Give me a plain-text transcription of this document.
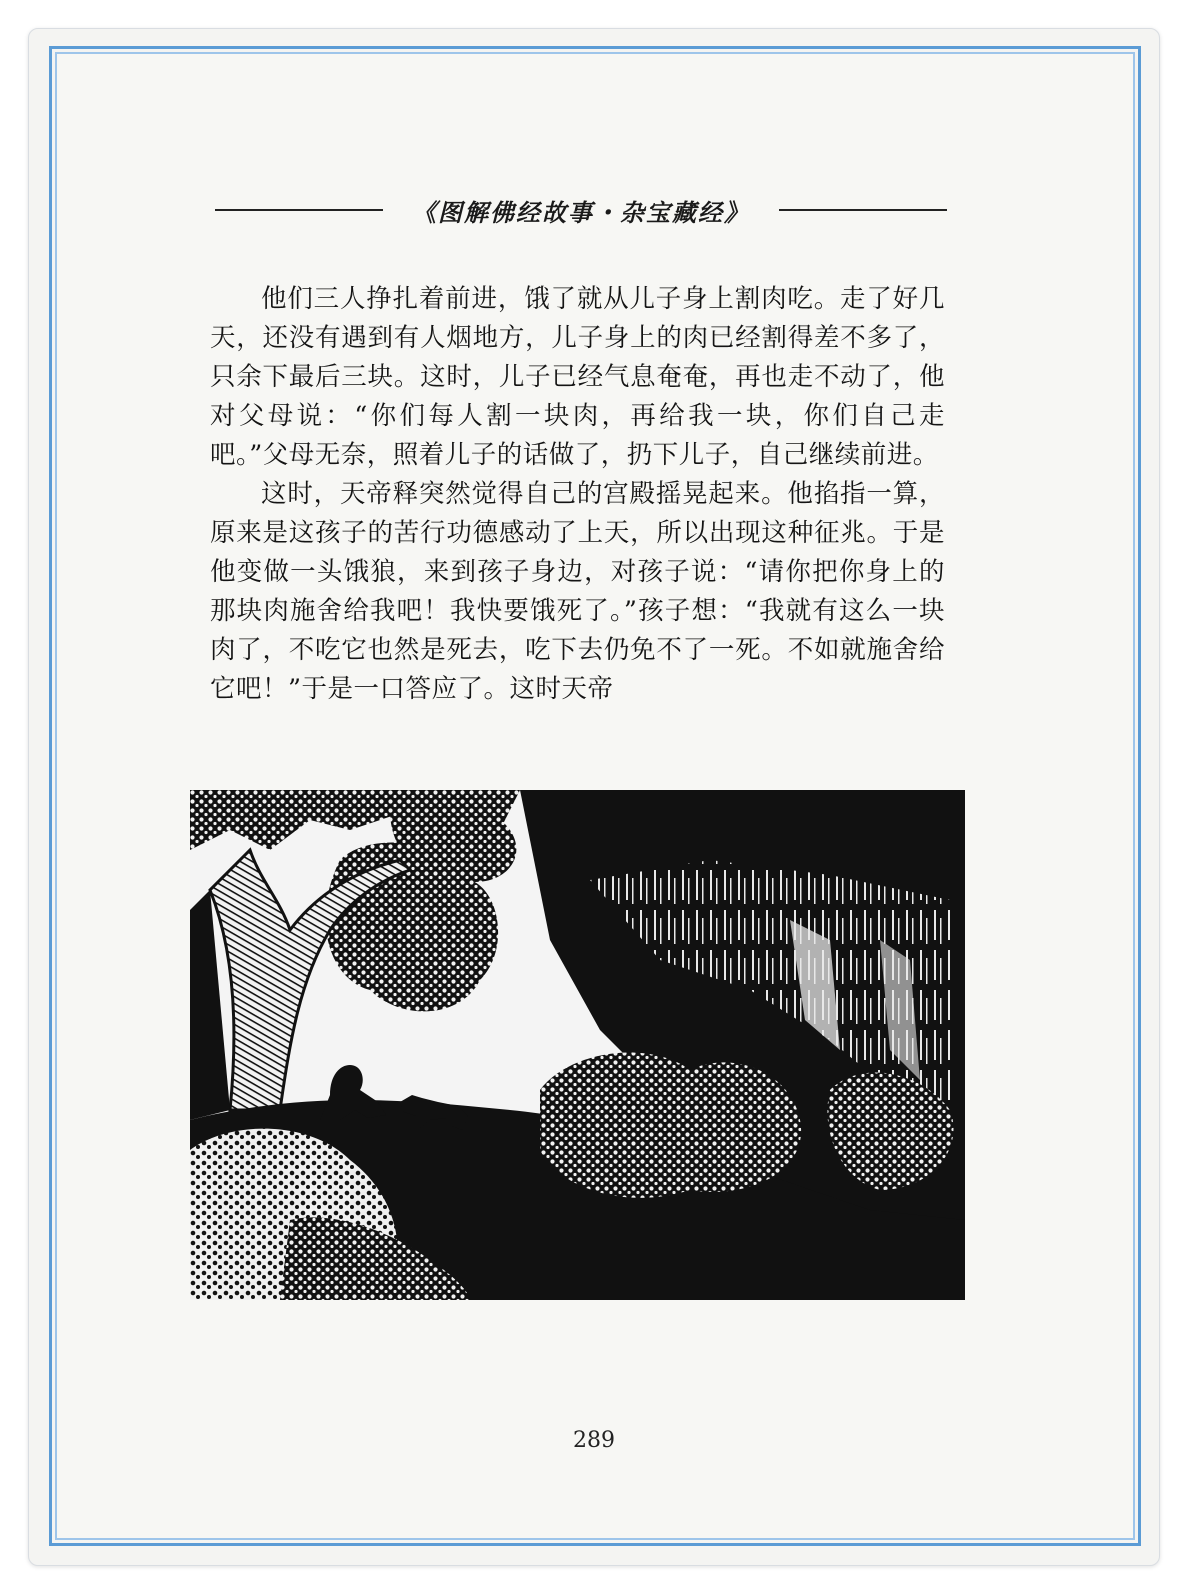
《图解佛经故事・杂宝藏经》

他们三人挣扎着前进，饿了就从儿子身上割肉吃。走了好几天，还没有遇到有人烟地方，儿子身上的肉已经割得差不多了，只余下最后三块。这时，儿子已经气息奄奄，再也走不动了，他对父母说：“你们每人割一块肉，再给我一块，你们自己走吧。”父母无奈，照着儿子的话做了，扔下儿子，自己继续前进。

这时，天帝释突然觉得自己的宫殿摇晃起来。他掐指一算，原来是这孩子的苦行功德感动了上天，所以出现这种征兆。于是他变做一头饿狼，来到孩子身边，对孩子说：“请你把你身上的那块肉施舍给我吧！我快要饿死了。”孩子想：“我就有这么一块肉了，不吃它也然是死去，吃下去仍免不了一死。不如就施舍给它吧！”于是一口答应了。这时天帝

289
